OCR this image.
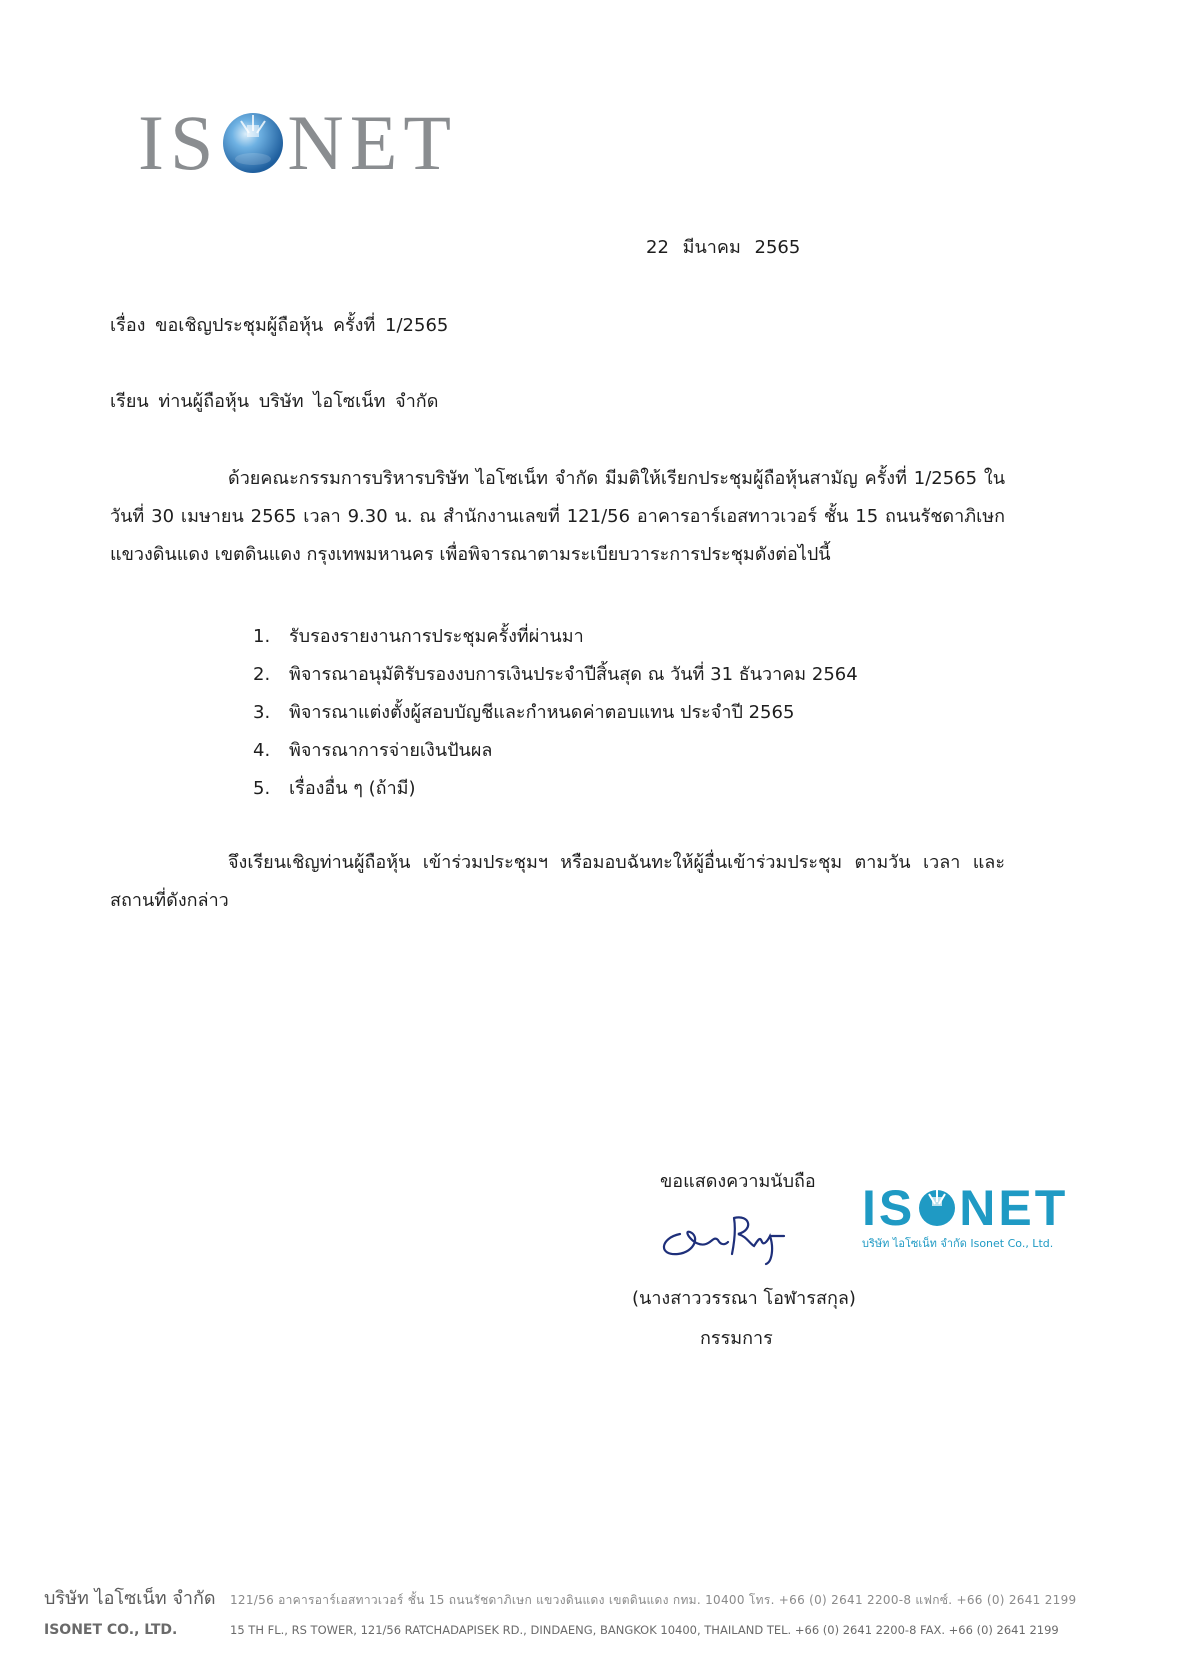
IS NET
22 มีนาคม 2565
เรื่อง ขอเชิญประชุมผู้ถือหุ้น ครั้งที่ 1/2565
เรียน ท่านผู้ถือหุ้น บริษัท ไอโซเน็ท จำกัด
ด้วยคณะกรรมการบริหารบริษัท ไอโซเน็ท จำกัด มีมติให้เรียกประชุมผู้ถือหุ้นสามัญ ครั้งที่ 1/2565 ใน วันที่ 30 เมษายน 2565 เวลา 9.30 น. ณ สำนักงานเลขที่ 121/56 อาคารอาร์เอสทาวเวอร์ ชั้น 15 ถนนรัชดาภิเษก แขวงดินแดง เขตดินแดง กรุงเทพมหานคร เพื่อพิจารณาตามระเบียบวาระการประชุมดังต่อไปนี้
1.	รับรองรายงานการประชุมครั้งที่ผ่านมา
2.	พิจารณาอนุมัติรับรองงบการเงินประจำปีสิ้นสุด ณ วันที่ 31 ธันวาคม 2564
3.	พิจารณาแต่งตั้งผู้สอบบัญชีและกำหนดค่าตอบแทน ประจำปี 2565
4.	พิจารณาการจ่ายเงินปันผล
5.	เรื่องอื่น ๆ (ถ้ามี)
จึงเรียนเชิญท่านผู้ถือหุ้น เข้าร่วมประชุมฯ หรือมอบฉันทะให้ผู้อื่นเข้าร่วมประชุม ตามวัน เวลา และ สถานที่ดังกล่าว
ขอแสดงความนับถือ IS NET
บริษัท ไอโซเน็ท จำกัด Isonet Co., Ltd.
(นางสาววรรณา โอฬารสกุล)
กรรมการ
บริษัท ไอโซเน็ท จำกัด	121/56 อาคารอาร์เอสทาวเวอร์ ชั้น 15 ถนนรัชดาภิเษก แขวงดินแดง เขตดินแดง กทม. 10400 โทร. +66 (0) 2641 2200-8 แฟกซ์. +66 (0) 2641 2199
ISONET CO., LTD.	15 TH FL., RS TOWER, 121/56 RATCHADAPISEK RD., DINDAENG, BANGKOK 10400, THAILAND TEL. +66 (0) 2641 2200-8 FAX. +66 (0) 2641 2199
